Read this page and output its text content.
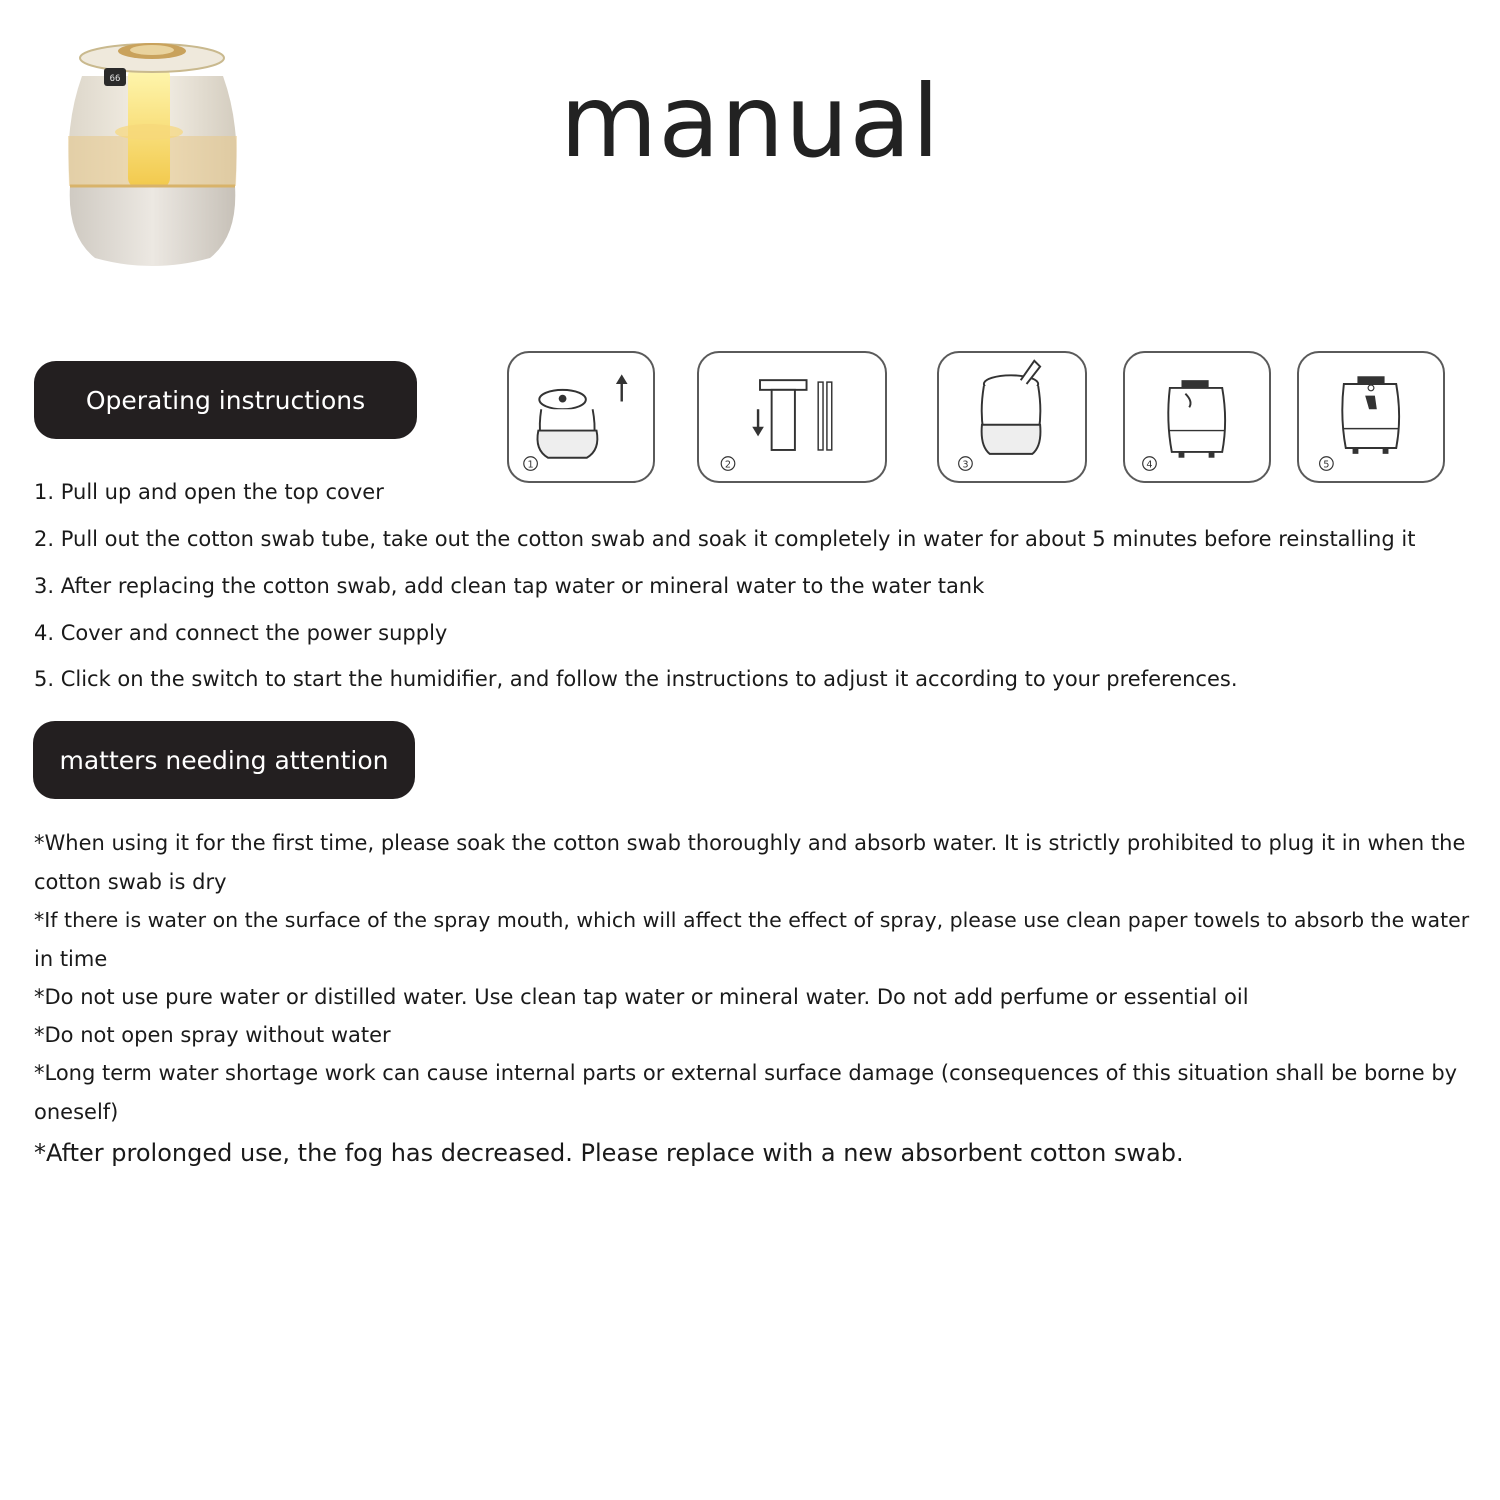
66	manual
Operating instructions
1	2	3	4	5
1. Pull up and open the top cover
2. Pull out the cotton swab tube, take out the cotton swab and soak it completely in water for about 5 minutes before reinstalling it
3. After replacing the cotton swab, add clean tap water or mineral water to the water tank
4. Cover and connect the power supply
5. Click on the switch to start the humidifier, and follow the instructions to adjust it according to your preferences.
matters needing attention
*When using it for the first time, please soak the cotton swab thoroughly and absorb water. It is strictly prohibited to plug it in when the
cotton swab is dry
*If there is water on the surface of the spray mouth, which will affect the effect of spray, please use clean paper towels to absorb the water
in time
*Do not use pure water or distilled water. Use clean tap water or mineral water. Do not add perfume or essential oil
*Do not open spray without water
*Long term water shortage work can cause internal parts or external surface damage (consequences of this situation shall be borne by
oneself)
*After prolonged use, the fog has decreased. Please replace with a new absorbent cotton swab.
